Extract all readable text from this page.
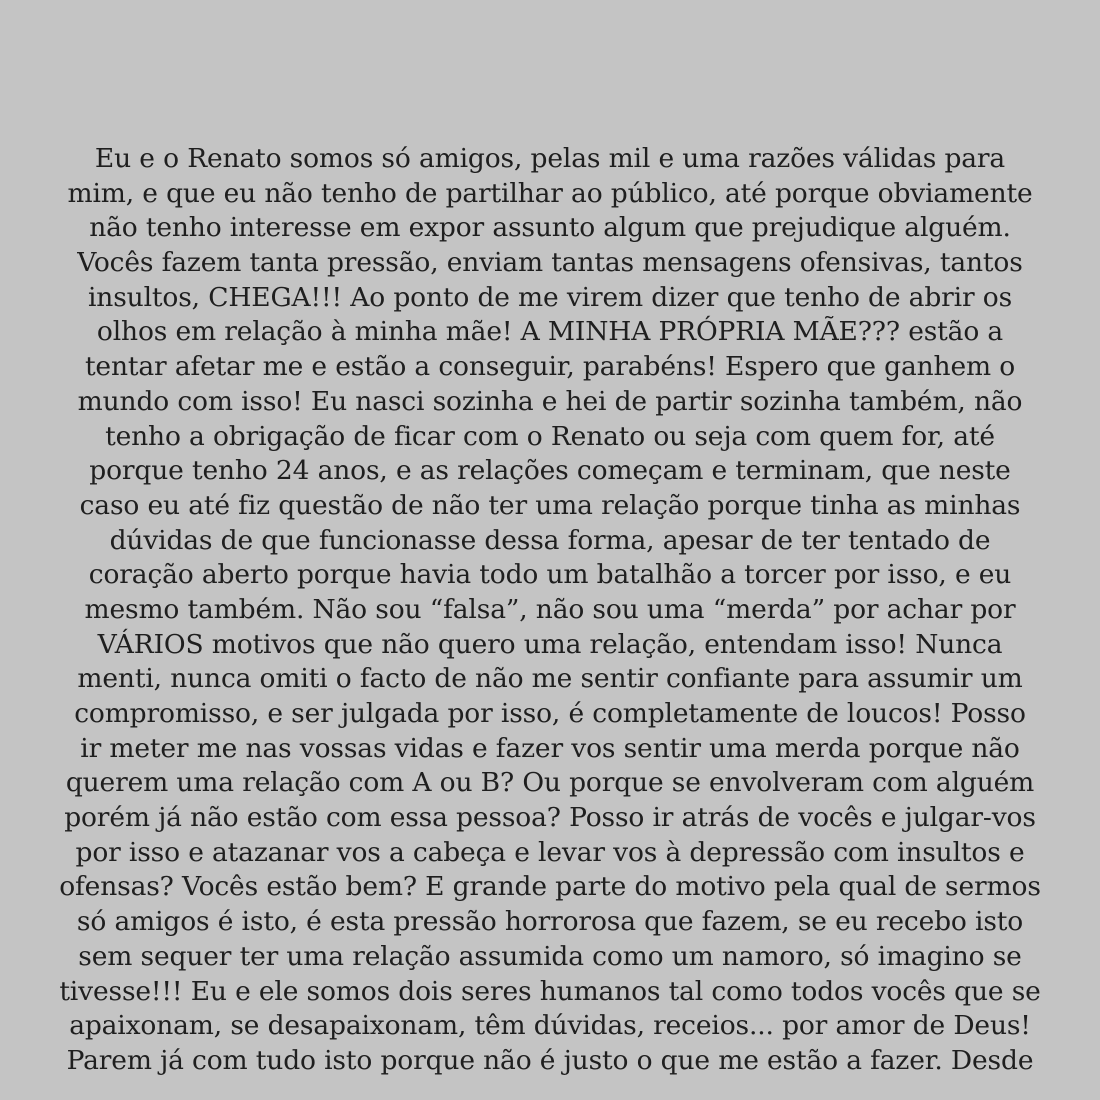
Eu e o Renato somos só amigos, pelas mil e uma razões válidas para
mim, e que eu não tenho de partilhar ao público, até porque obviamente
não tenho interesse em expor assunto algum que prejudique alguém.
Vocês fazem tanta pressão, enviam tantas mensagens ofensivas, tantos
insultos, CHEGA!!! Ao ponto de me virem dizer que tenho de abrir os
olhos em relação à minha mãe! A MINHA PRÓPRIA MÃE??? estão a
tentar afetar me e estão a conseguir, parabéns! Espero que ganhem o
mundo com isso! Eu nasci sozinha e hei de partir sozinha também, não
tenho a obrigação de ficar com o Renato ou seja com quem for, até
porque tenho 24 anos, e as relações começam e terminam, que neste
caso eu até fiz questão de não ter uma relação porque tinha as minhas
dúvidas de que funcionasse dessa forma, apesar de ter tentado de
coração aberto porque havia todo um batalhão a torcer por isso, e eu
mesmo também. Não sou “falsa”, não sou uma “merda” por achar por
VÁRIOS motivos que não quero uma relação, entendam isso! Nunca
menti, nunca omiti o facto de não me sentir confiante para assumir um
compromisso, e ser julgada por isso, é completamente de loucos! Posso
ir meter me nas vossas vidas e fazer vos sentir uma merda porque não
querem uma relação com A ou B? Ou porque se envolveram com alguém
porém já não estão com essa pessoa? Posso ir atrás de vocês e julgar-vos
por isso e atazanar vos a cabeça e levar vos à depressão com insultos e
ofensas? Vocês estão bem? E grande parte do motivo pela qual de sermos
só amigos é isto, é esta pressão horrorosa que fazem, se eu recebo isto
sem sequer ter uma relação assumida como um namoro, só imagino se
tivesse!!! Eu e ele somos dois seres humanos tal como todos vocês que se
apaixonam, se desapaixonam, têm dúvidas, receios... por amor de Deus!
Parem já com tudo isto porque não é justo o que me estão a fazer. Desde
